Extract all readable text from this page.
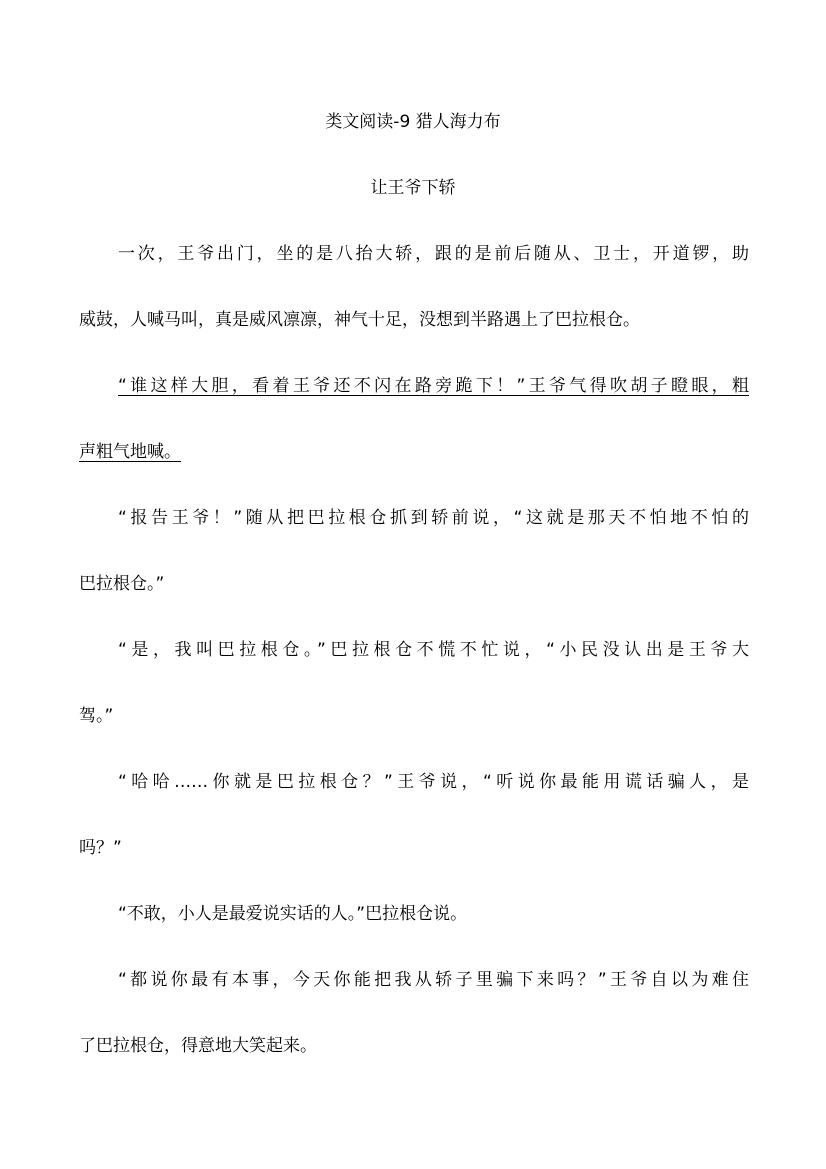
类文阅读-9 猎人海力布
让王爷下轿

一次，王爷出门，坐的是八抬大轿，跟的是前后随从、卫士，开道锣，助

威鼓，人喊马叫，真是威风凛凛，神气十足，没想到半路遇上了巴拉根仓。

“谁这样大胆，看着王爷还不闪在路旁跪下！”王爷气得吹胡子瞪眼，粗

声粗气地喊。

“报告王爷！”随从把巴拉根仓抓到轿前说，“这就是那天不怕地不怕的

巴拉根仓。”

“是，我叫巴拉根仓。”巴拉根仓不慌不忙说，“小民没认出是王爷大

驾。”

“哈哈……你就是巴拉根仓？”王爷说，“听说你最能用谎话骗人，是

吗？”

“不敢，小人是最爱说实话的人。”巴拉根仓说。

“都说你最有本事，今天你能把我从轿子里骗下来吗？”王爷自以为难住

了巴拉根仓，得意地大笑起来。
